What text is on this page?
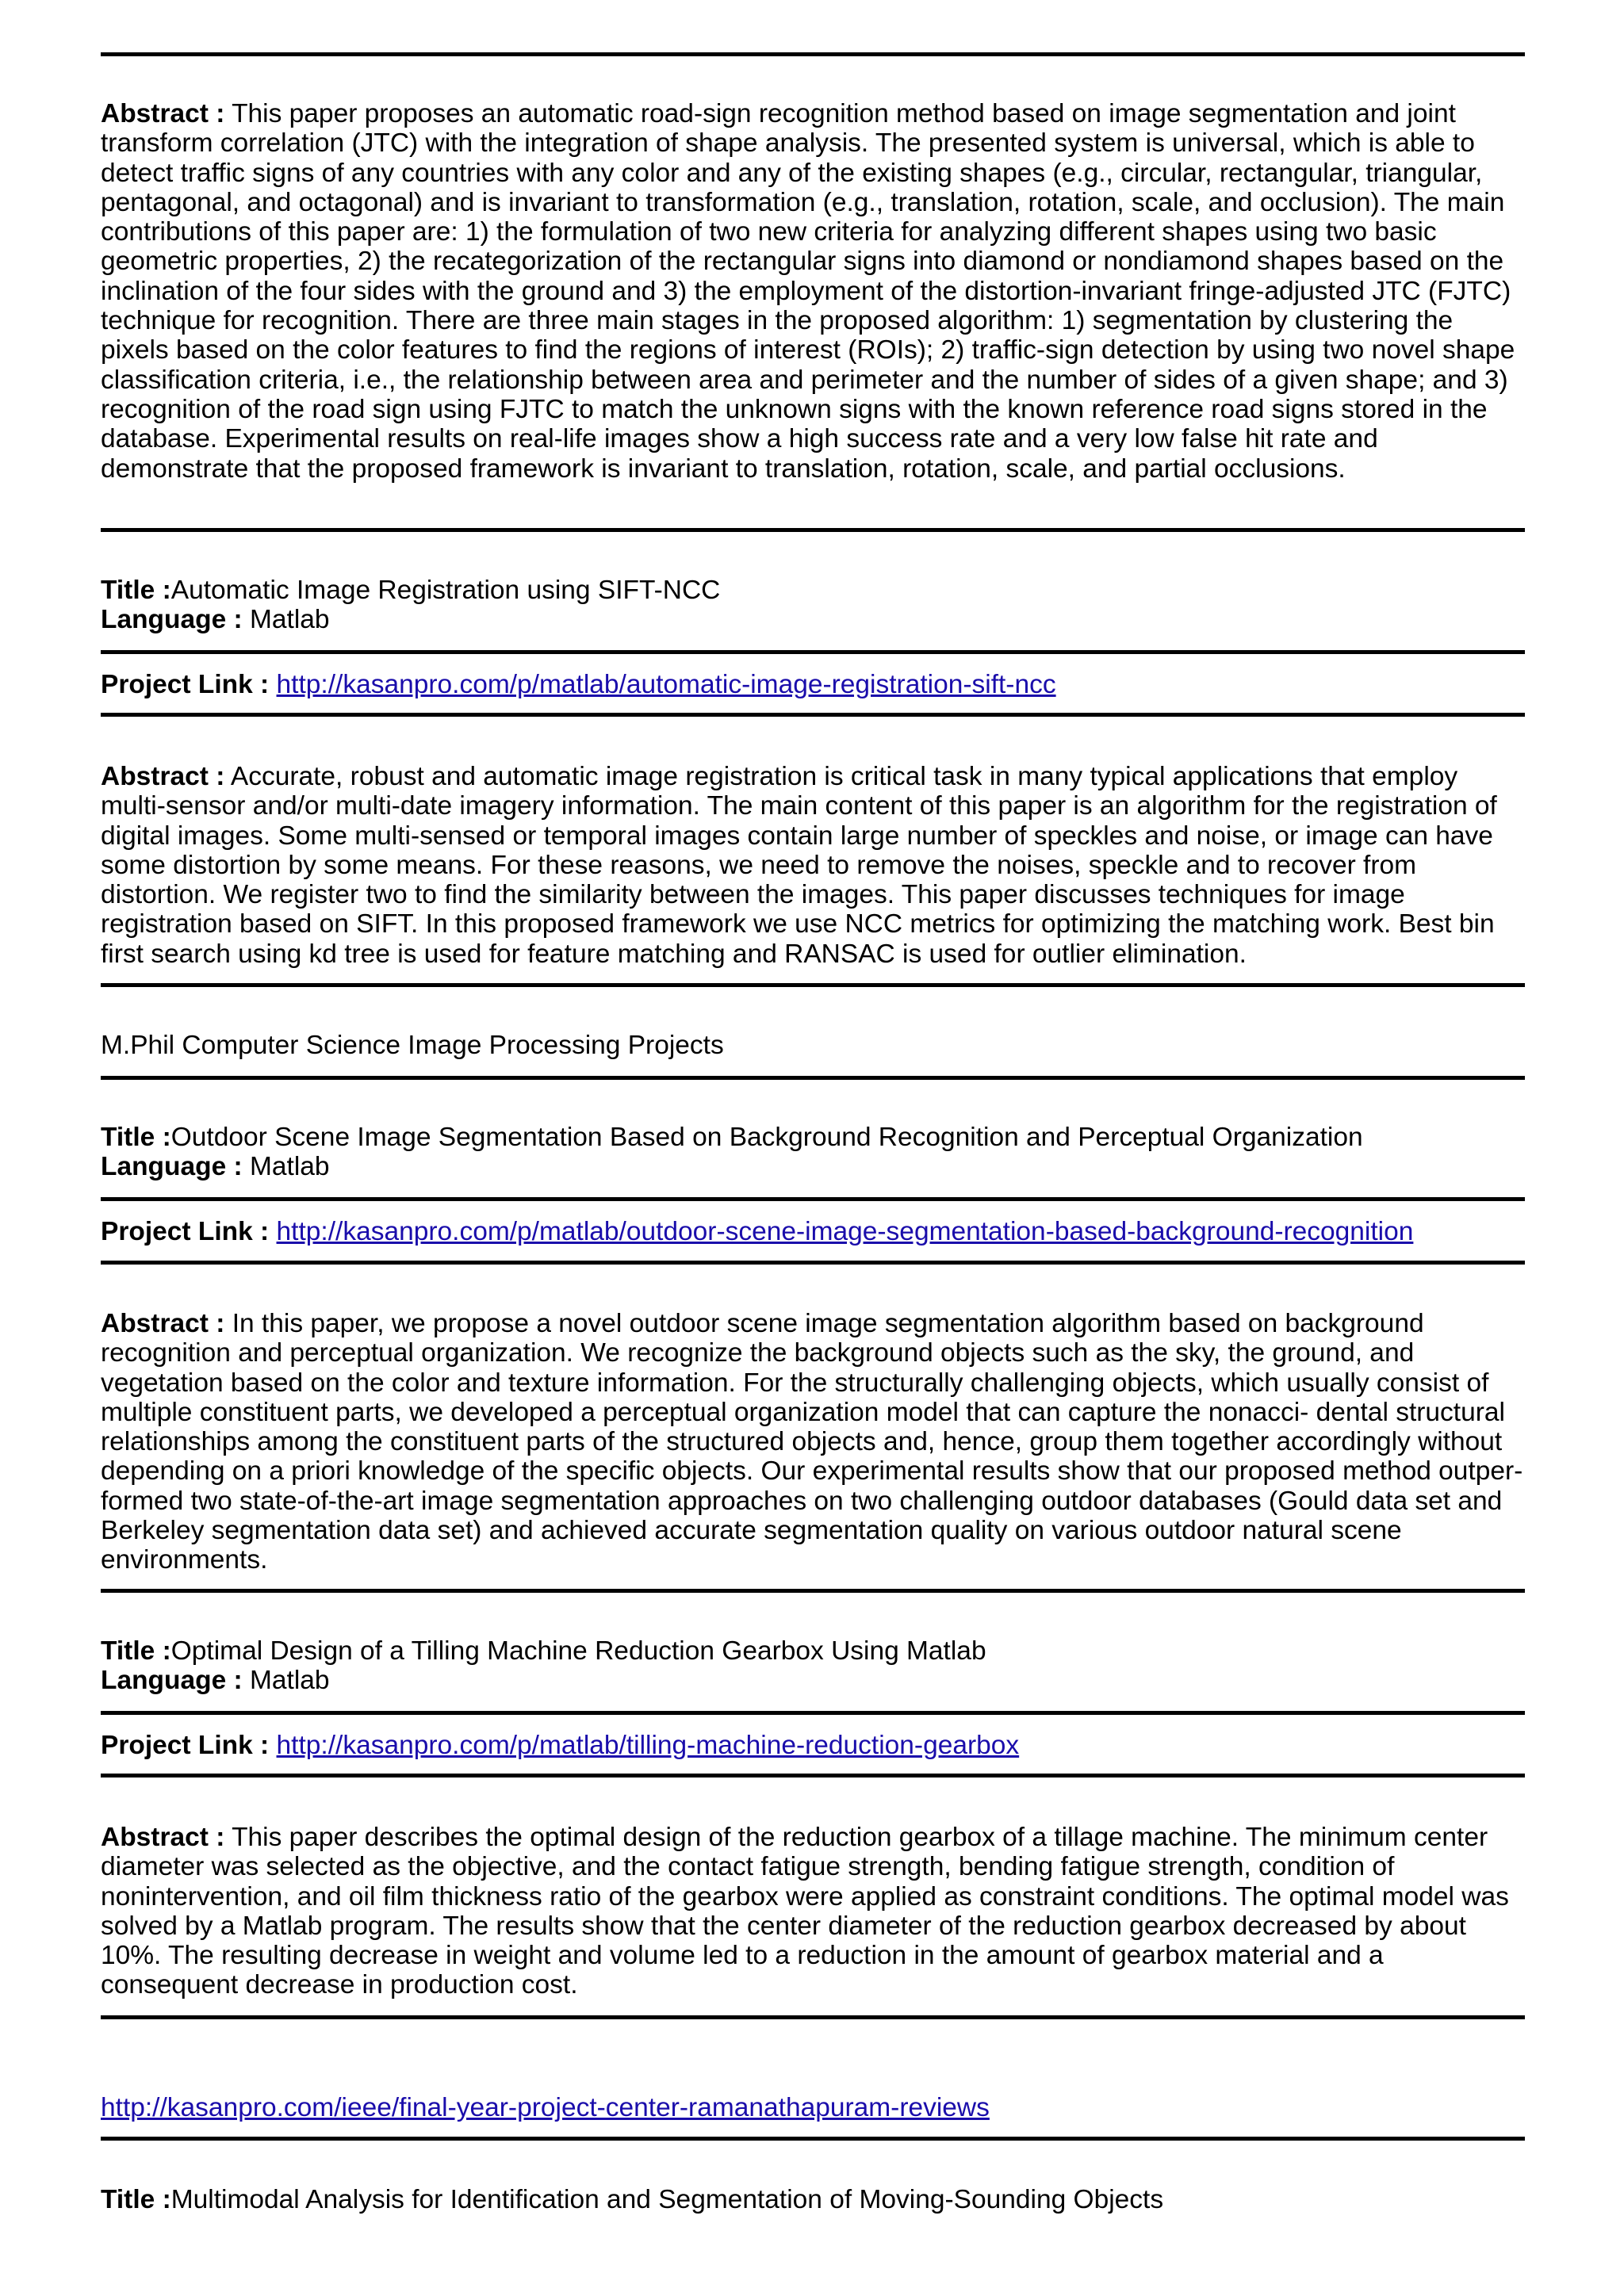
Abstract : This paper proposes an automatic road-sign recognition method based on image segmentation and joint transform correlation (JTC) with the integration of shape analysis. The presented system is universal, which is able to detect traffic signs of any countries with any color and any of the existing shapes (e.g., circular, rectangular, triangular, pentagonal, and octagonal) and is invariant to transformation (e.g., translation, rotation, scale, and occlusion). The main contributions of this paper are: 1) the formulation of two new criteria for analyzing different shapes using two basic geometric properties, 2) the recategorization of the rectangular signs into diamond or nondiamond shapes based on the inclination of the four sides with the ground and 3) the employment of the distortion-invariant fringe-adjusted JTC (FJTC) technique for recognition. There are three main stages in the proposed algorithm: 1) segmentation by clustering the pixels based on the color features to find the regions of interest (ROIs); 2) traffic-sign detection by using two novel shape classification criteria, i.e., the relationship between area and perimeter and the number of sides of a given shape; and 3) recognition of the road sign using FJTC to match the unknown signs with the known reference road signs stored in the database. Experimental results on real-life images show a high success rate and a very low false hit rate and demonstrate that the proposed framework is invariant to translation, rotation, scale, and partial occlusions.
Title :Automatic Image Registration using SIFT-NCC
Language : Matlab
Project Link : http://kasanpro.com/p/matlab/automatic-image-registration-sift-ncc
Abstract : Accurate, robust and automatic image registration is critical task in many typical applications that employ multi-sensor and/or multi-date imagery information. The main content of this paper is an algorithm for the registration of digital images. Some multi-sensed or temporal images contain large number of speckles and noise, or image can have some distortion by some means. For these reasons, we need to remove the noises, speckle and to recover from distortion. We register two to find the similarity between the images. This paper discusses techniques for image registration based on SIFT. In this proposed framework we use NCC metrics for optimizing the matching work. Best bin first search using kd tree is used for feature matching and RANSAC is used for outlier elimination.
M.Phil Computer Science Image Processing Projects
Title :Outdoor Scene Image Segmentation Based on Background Recognition and Perceptual Organization
Language : Matlab
Project Link : http://kasanpro.com/p/matlab/outdoor-scene-image-segmentation-based-background-recognition
Abstract : In this paper, we propose a novel outdoor scene image segmentation algorithm based on background recognition and perceptual organization. We recognize the background objects such as the sky, the ground, and vegetation based on the color and texture information. For the structurally challenging objects, which usually consist of multiple constituent parts, we developed a perceptual organization model that can capture the nonacci- dental structural relationships among the constituent parts of the structured objects and, hence, group them together accordingly without depending on a priori knowledge of the specific objects. Our experimental results show that our proposed method outper- formed two state-of-the-art image segmentation approaches on two challenging outdoor databases (Gould data set and Berkeley segmentation data set) and achieved accurate segmentation quality on various outdoor natural scene environments.
Title :Optimal Design of a Tilling Machine Reduction Gearbox Using Matlab
Language : Matlab
Project Link : http://kasanpro.com/p/matlab/tilling-machine-reduction-gearbox
Abstract : This paper describes the optimal design of the reduction gearbox of a tillage machine. The minimum center diameter was selected as the objective, and the contact fatigue strength, bending fatigue strength, condition of nonintervention, and oil film thickness ratio of the gearbox were applied as constraint conditions. The optimal model was solved by a Matlab program. The results show that the center diameter of the reduction gearbox decreased by about 10%. The resulting decrease in weight and volume led to a reduction in the amount of gearbox material and a consequent decrease in production cost.
http://kasanpro.com/ieee/final-year-project-center-ramanathapuram-reviews
Title :Multimodal Analysis for Identification and Segmentation of Moving-Sounding Objects
